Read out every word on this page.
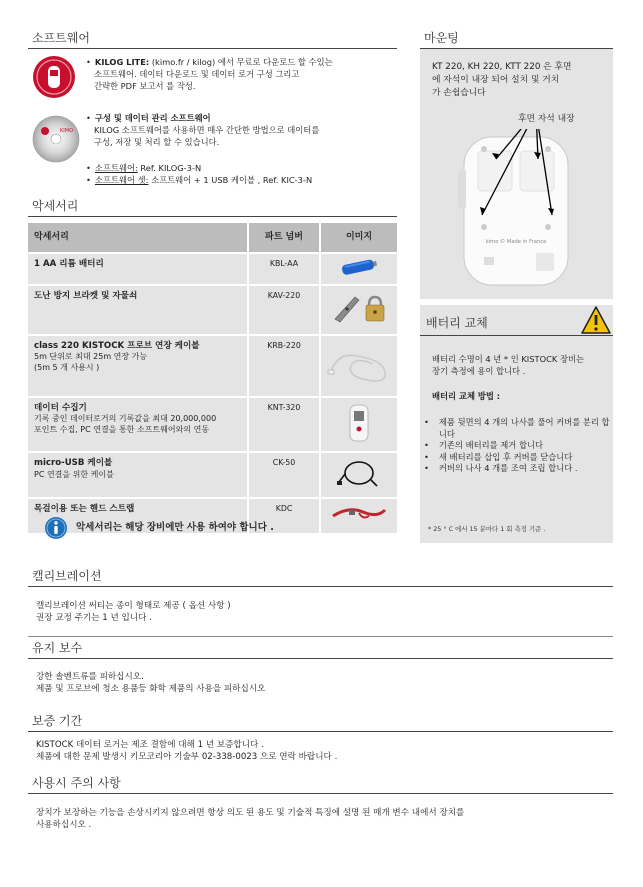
소프트웨어
• KILOG LITE: (kimo.fr / kilog) 에서 무료로 다운로드 할 수있는
소프트웨어. 데이터 다운로드 및 데이터 로거 구성 그리고
간략한 PDF 보고서 를 작성.
KIMO
• 구성 및 데이터 관리 소프트웨어
KILOG 소프트웨어를 사용하면 매우 간단한 방법으로 데이터를
구성, 저장 및 처리 할 수 있습니다.
• 소프트웨어: Ref. KILOG-3-N
• 소프트웨어 셋: 소프트웨어 + 1 USB 케이블 , Ref. KIC-3-N
악세서리
악세서리	파트 넘버	이미지

1 AA 리튬 배터리	KBL-AA	

도난 방지 브라켓 및 자물쇠	KAV-220	

class 220 KISTOCK 프로브 연장 케이블
5m 단위로 최대 25m 연장 가능
(5m 5 개 사용시 )	KRB-220	

데이터 수집기
기록 중인 데이터로거의 기록값을 최대 20,000,000
포인트 수집, PC 연결을 통한 소프트웨어와의 연동	KNT-320	

micro-USB 케이블
PC 연결을 위한 케이블	CK-50	

목걸이용 또는 핸드 스트랩	KDC	
악세서리는 해당 장비에만 사용 하여야 합니다 .
마운팅
KT 220, KH 220, KTT 220 은 후면
에 자석이 내장 되어 설치 및 거치
가 손쉽습니다
후면 자석 내장
kimo © Made in France
배터리 교체
배터리 수명이 4 년 * 인 KISTOCK 장비는
장기 측정에 용이 합니다 .
배터리 교체 방법 :
•	제품 뒷면의 4 개의 나사를 풀어 커버를 분리 합니다
•	기존의 배터리를 제거 합니다
•	새 배터리를 삽입 후 커버를 닫습니다
•	커버의 나사 4 개를 조여 조립 합니다 .
* 25 ° C 에서 15 분마다 1 회 측정 기준 .
캘리브레이션
캘리브레이션 써티는 종이 형태로 제공 ( 옵션 사항 )
권장 교정 주기는 1 년 입니다 .
유지 보수
강한 솔벤트류를 피하십시오.
제품 및 프로브에 청소 용품등 화학 제품의 사용을 피하십시오
보증 기간
KISTOCK 데이터 로거는 제조 결함에 대해 1 년 보증합니다 .
제품에 대한 문제 발생시 키모코리아 기술부 02-338-0023 으로 연락 바랍니다 .
사용시 주의 사항
장치가 보장하는 기능을 손상시키지 않으려면 항상 의도 된 용도 및 기술적 특징에 설명 된 매개 변수 내에서 장치를
사용하십시오 .
